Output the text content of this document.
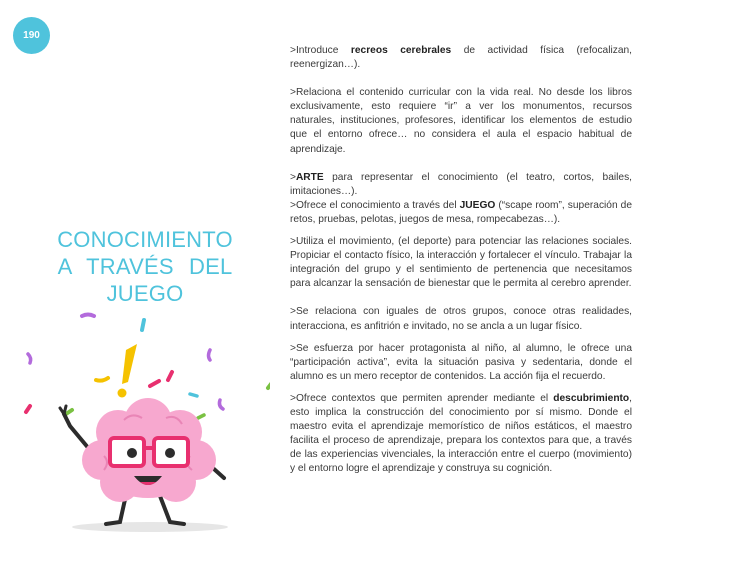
190
CONOCIMIENTO
A TRAVÉS DEL
JUEGO

>Introduce recreos cerebrales de actividad física (refocalizan, reenergizan…).

>Relaciona el contenido curricular con la vida real. No desde los libros exclusivamente, esto requiere “ir” a ver los monumentos, recursos naturales, instituciones, profesores, identificar los elementos de estudio que el entorno ofrece… no considera el aula el espacio habitual de aprendizaje.

>ARTE para representar el conocimiento (el teatro, cortos, bailes, imitaciones…).

>Ofrece el conocimiento a través del JUEGO (“scape room”, superación de retos, pruebas, pelotas, juegos de mesa, rompecabezas…).

>Utiliza el movimiento, (el deporte) para potenciar las relaciones sociales. Propiciar el contacto físico, la interacción y fortalecer el vínculo. Trabajar la integración del grupo y el sentimiento de pertenencia que necesitamos para alcanzar la sensación de bienestar que le permita al cerebro aprender.

>Se relaciona con iguales de otros grupos, conoce otras realidades, interacciona, es anfitrión e invitado, no se ancla a un lugar físico.

>Se esfuerza por hacer protagonista al niño, al alumno, le ofrece una “participación activa”, evita la situación pasiva y sedentaria, donde el alumno es un mero receptor de contenidos. La acción fija el recuerdo.

>Ofrece contextos que permiten aprender mediante el descubrimiento, esto implica la construcción del conocimiento por sí mismo. Donde el maestro evita el aprendizaje memorístico de niños estáticos, el maestro facilita el proceso de aprendizaje, prepara los contextos para que, a través de las experiencias vivenciales, la interacción entre el cuerpo (movimiento) y el entorno logre el aprendizaje y construya su cognición.
